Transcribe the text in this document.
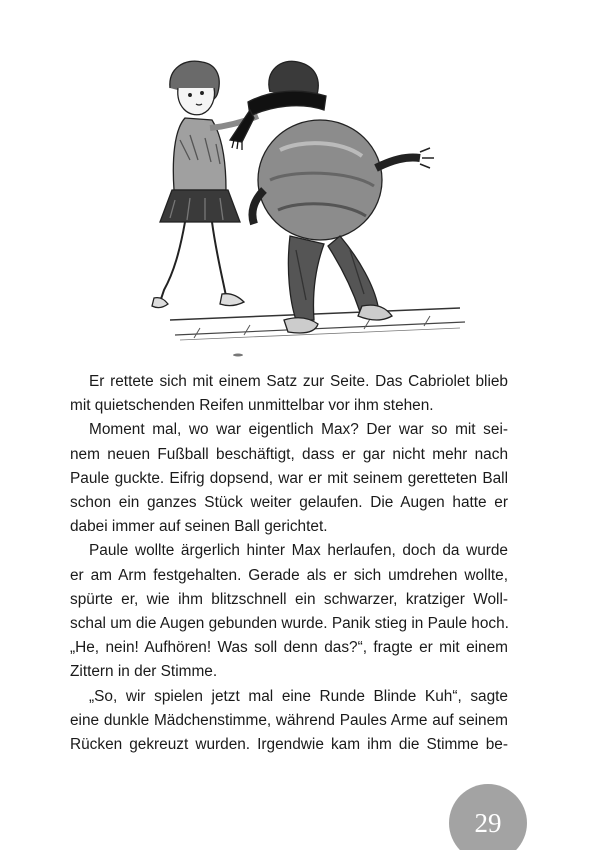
Er rettete sich mit einem Satz zur Seite. Das Cabriolet blieb
mit quietschenden Reifen unmittelbar vor ihm stehen.

Moment mal, wo war eigentlich Max? Der war so mit sei-
nem neuen Fußball beschäftigt, dass er gar nicht mehr nach
Paule guckte. Eifrig dopsend, war er mit seinem geretteten Ball
schon ein ganzes Stück weiter gelaufen. Die Augen hatte er
dabei immer auf seinen Ball gerichtet.

Paule wollte ärgerlich hinter Max herlaufen, doch da wurde
er am Arm festgehalten. Gerade als er sich umdrehen wollte,
spürte er, wie ihm blitzschnell ein schwarzer, kratziger Woll-
schal um die Augen gebunden wurde. Panik stieg in Paule hoch.
„He, nein! Aufhören! Was soll denn das?“, fragte er mit einem
Zittern in der Stimme.

„So, wir spielen jetzt mal eine Runde Blinde Kuh“, sagte
eine dunkle Mädchenstimme, während Paules Arme auf seinem
Rücken gekreuzt wurden. Irgendwie kam ihm die Stimme be-

29
